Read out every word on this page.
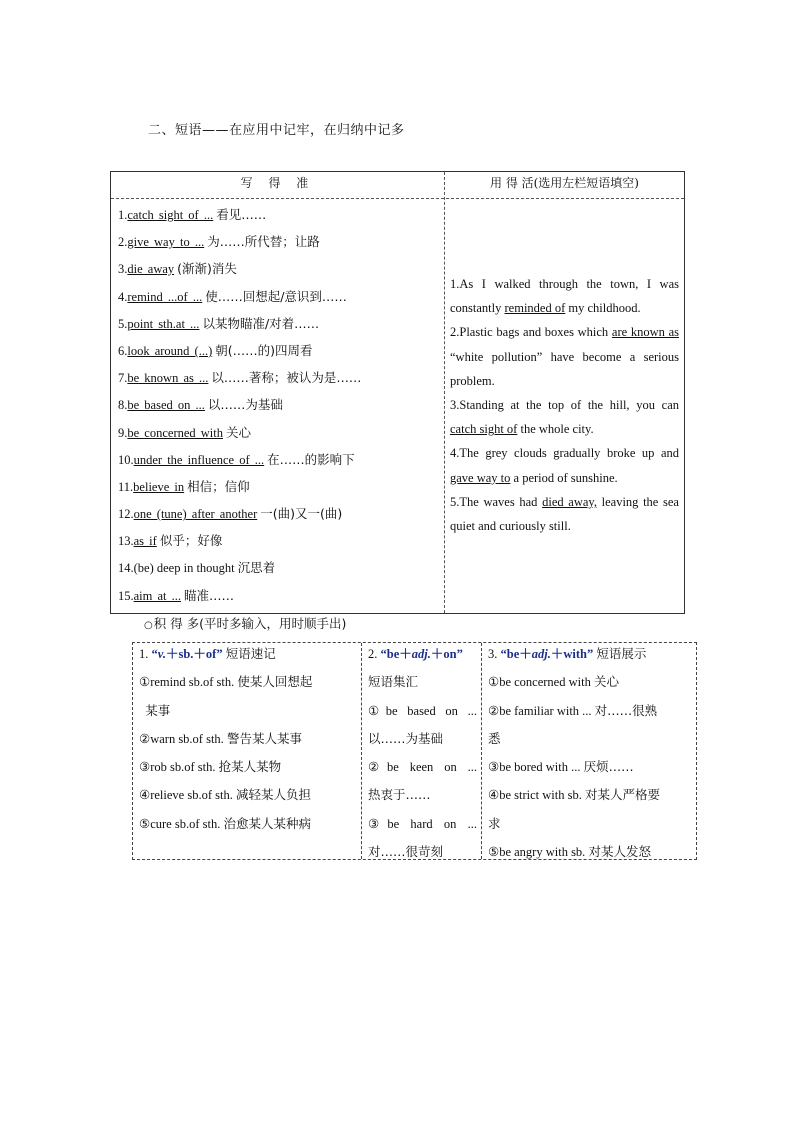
二、短语——在应用中记牢，在归纳中记多
写 得 准	用 得 活(选用左栏短语填空)
1.catch sight of ... 看见……
2.give way to ... 为……所代替；让路
3.die away (渐渐)消失
4.remind ...of ... 使……回想起/意识到……
5.point sth.at ... 以某物瞄准/对着……
6.look around (...) 朝(……的)四周看
7.be known as ... 以……著称；被认为是……
8.be based on ... 以……为基础
9.be concerned with 关心
10.under the influence of ... 在……的影响下
11.believe in 相信；信仰
12.one (tune) after another 一(曲)又一(曲)
13.as if 似乎；好像
14.(be) deep in thought 沉思着
15.aim at ... 瞄准……

1.As I walked through the town, I was constantly reminded of my childhood.

2.Plastic bags and boxes which are known as “white pollution” have become a serious problem.

3.Standing at the top of the hill, you can catch sight of the whole city.

4.The grey clouds gradually broke up and gave way to a period of sunshine.

5.The waves had died away, leaving the sea quiet and curiously still.

○积 得 多(平时多输入，用时顺手出)
1. “v.＋sb.＋of” 短语速记
①remind sb.of sth. 使某人回想起
某事
②warn sb.of sth. 警告某人某事
③rob sb.of sth. 抢某人某物
④relieve sb.of sth. 减轻某人负担
⑤cure sb.of sth. 治愈某人某种病
2. “be＋adj.＋on”
短语集汇
①be based on ...
以……为基础
②be keen on ...
热衷于……
③be hard on ...
对……很苛刻
3. “be＋adj.＋with” 短语展示
①be concerned with 关心
②be familiar with ... 对……很熟
悉
③be bored with ... 厌烦……
④be strict with sb. 对某人严格要
求
⑤be angry with sb. 对某人发怒
